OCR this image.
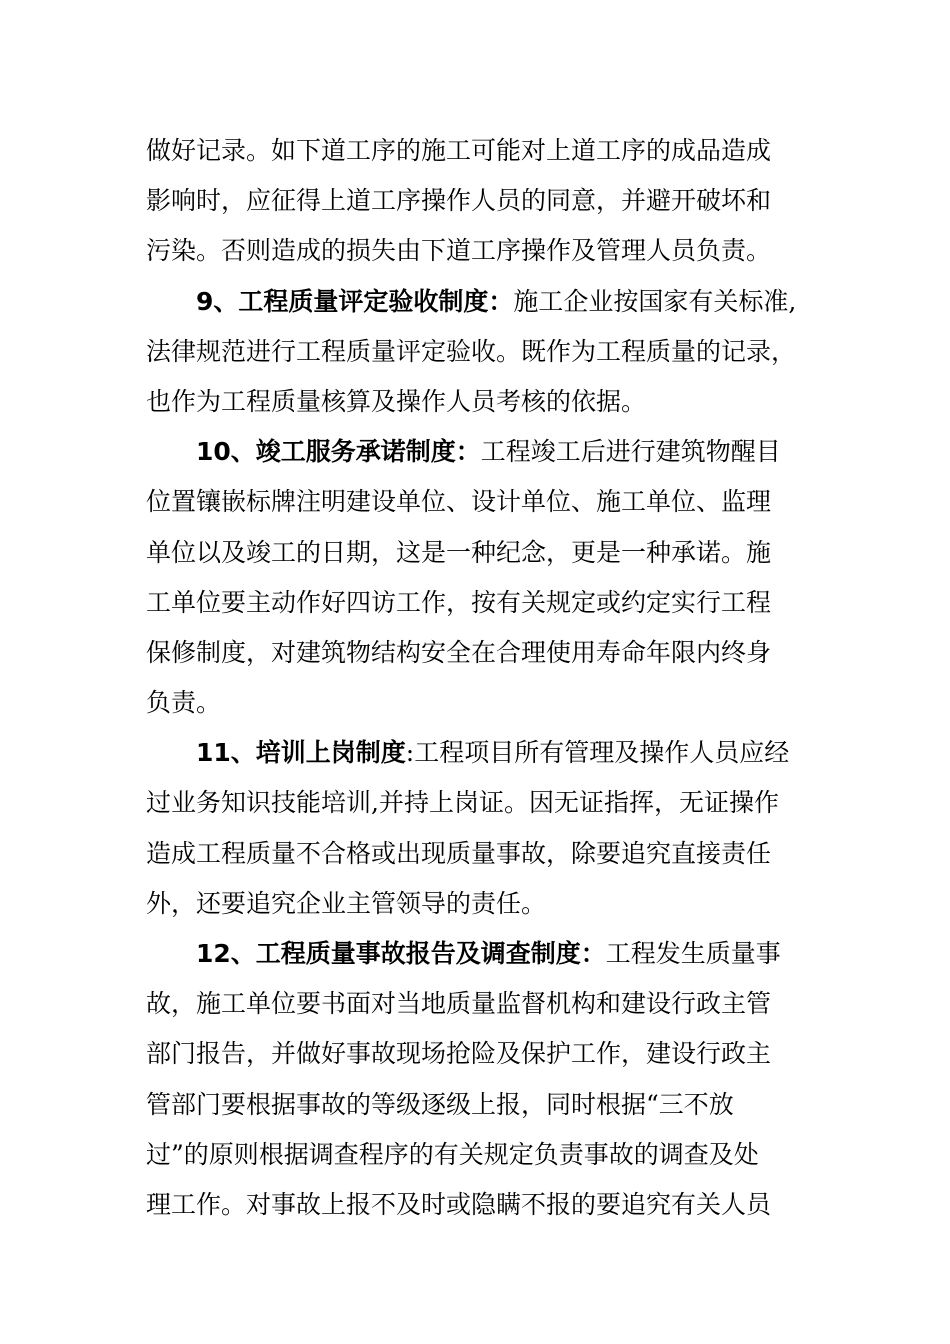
做好记录。如下道工序的施工可能对上道工序的成品造成
影响时，应征得上道工序操作人员的同意，并避开破坏和
污染。否则造成的损失由下道工序操作及管理人员负责。
9、工程质量评定验收制度：施工企业按国家有关标准,
法律规范进行工程质量评定验收。既作为工程质量的记录，
也作为工程质量核算及操作人员考核的依据。
10、竣工服务承诺制度：工程竣工后进行建筑物醒目
位置镶嵌标牌注明建设单位、设计单位、施工单位、监理
单位以及竣工的日期，这是一种纪念，更是一种承诺。施
工单位要主动作好四访工作，按有关规定或约定实行工程
保修制度，对建筑物结构安全在合理使用寿命年限内终身
负责。
11、培训上岗制度:工程项目所有管理及操作人员应经
过业务知识技能培训,并持上岗证。因无证指挥，无证操作
造成工程质量不合格或出现质量事故，除要追究直接责任
外，还要追究企业主管领导的责任。
12、工程质量事故报告及调查制度：工程发生质量事
故，施工单位要书面对当地质量监督机构和建设行政主管
部门报告，并做好事故现场抢险及保护工作，建设行政主
管部门要根据事故的等级逐级上报，同时根据“三不放
过”的原则根据调查程序的有关规定负责事故的调查及处
理工作。对事故上报不及时或隐瞒不报的要追究有关人员
